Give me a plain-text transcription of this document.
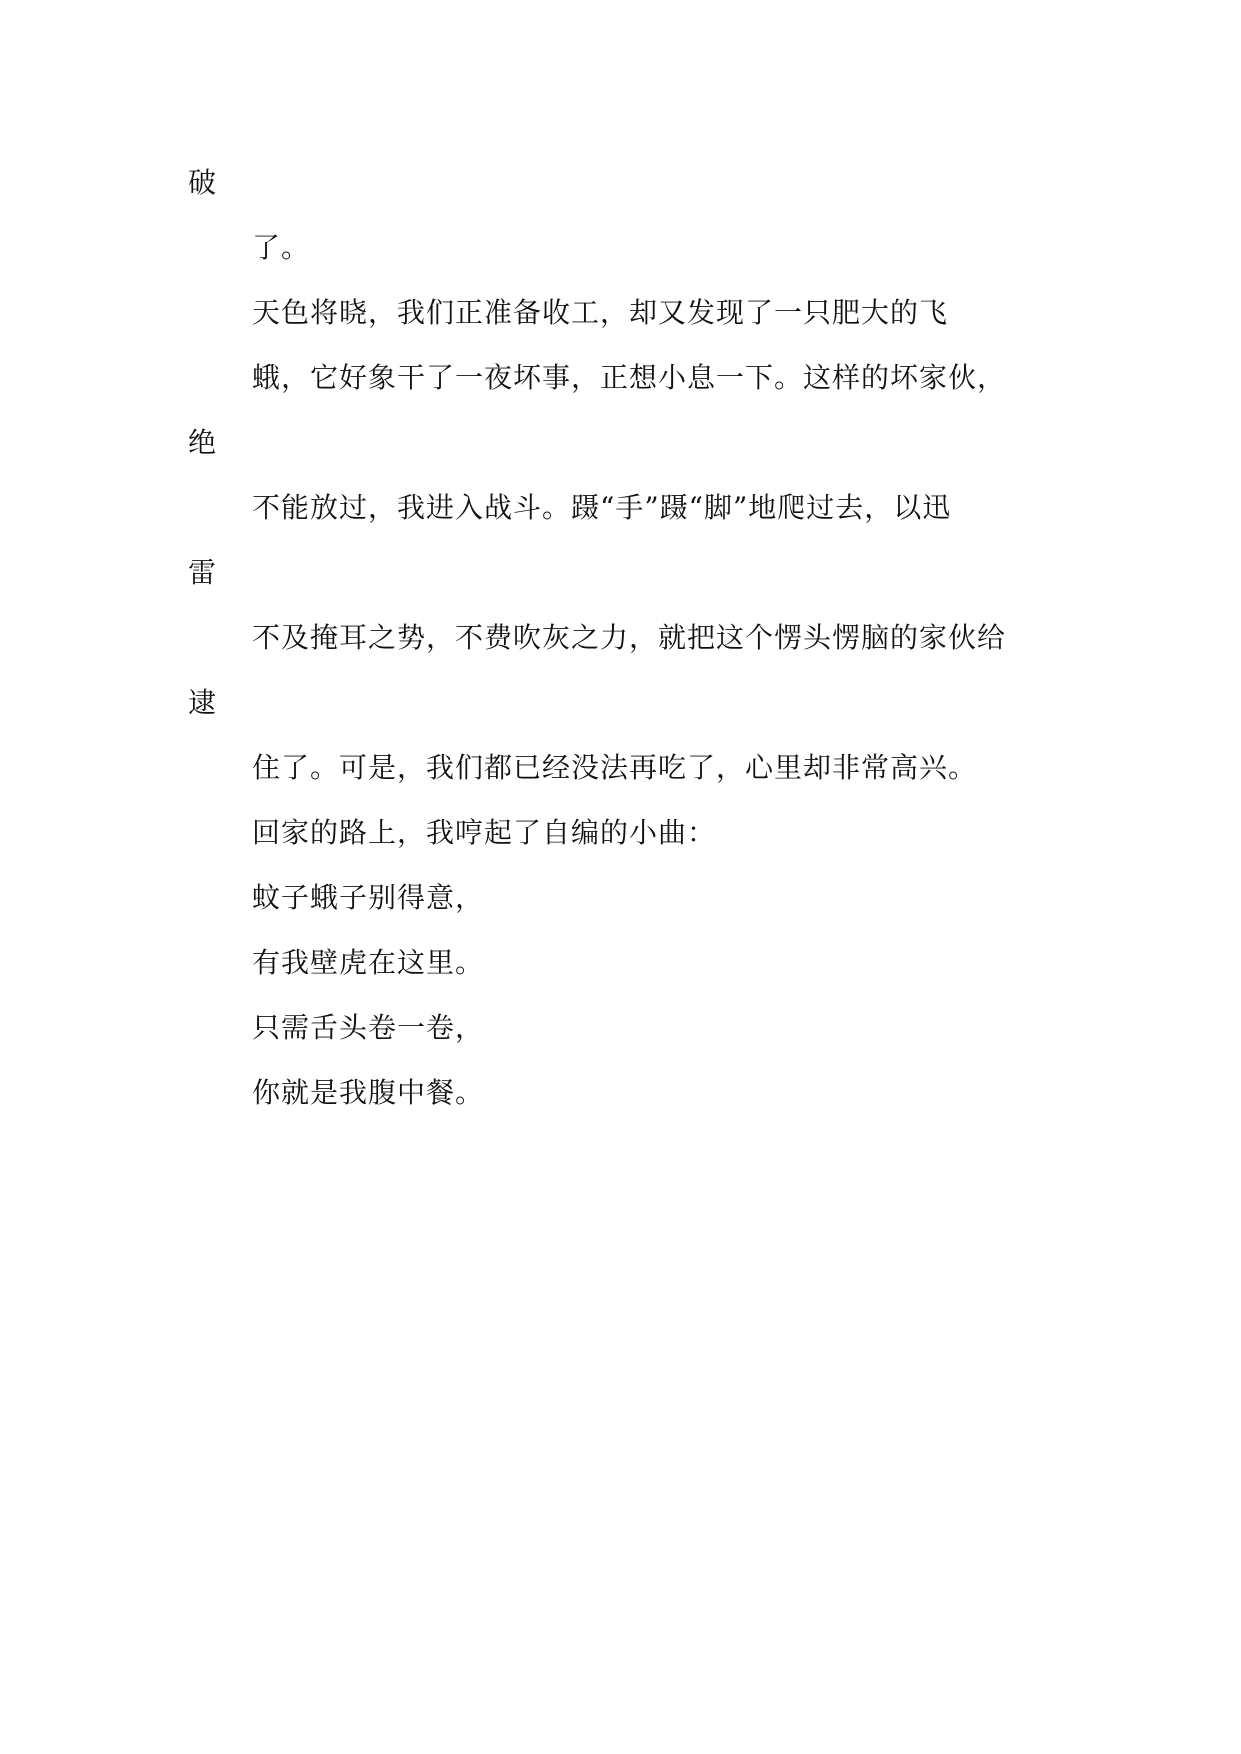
破
了。
天色将晓，我们正准备收工，却又发现了一只肥大的飞
蛾，它好象干了一夜坏事，正想小息一下。这样的坏家伙，
绝
不能放过，我进入战斗。蹑“手”蹑“脚”地爬过去，以迅
雷
不及掩耳之势，不费吹灰之力，就把这个愣头愣脑的家伙给
逮
住了。可是，我们都已经没法再吃了，心里却非常高兴。
回家的路上，我哼起了自编的小曲：
蚊子蛾子别得意，
有我壁虎在这里。
只需舌头卷一卷，
你就是我腹中餐。
